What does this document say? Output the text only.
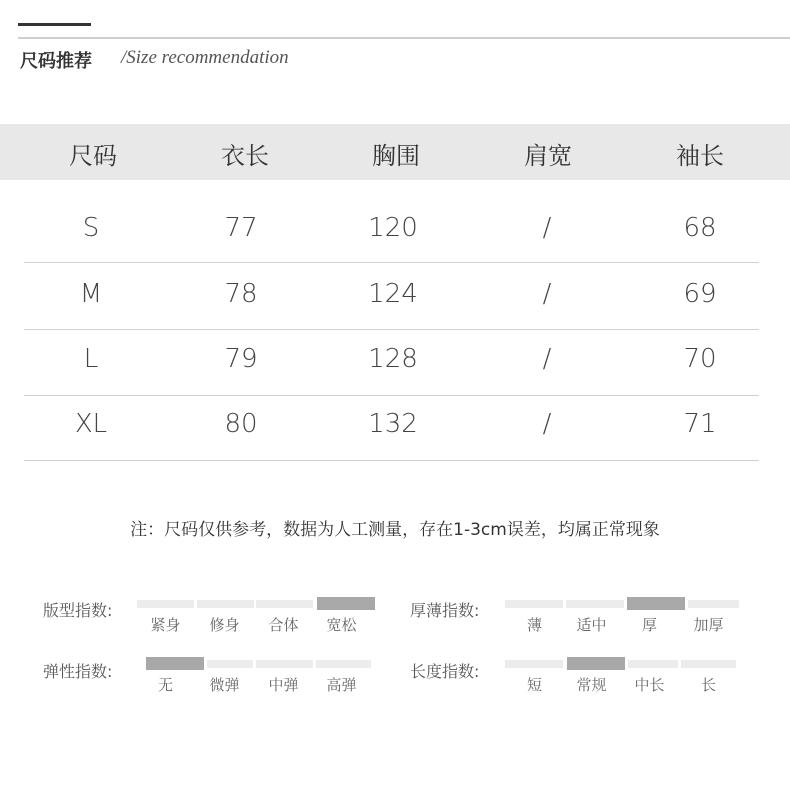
尺码推荐 /Size recommendation
尺码	衣长	胸围	肩宽	袖长
S	77	120	/	68
M	78	124	/	69
L	79	128	/	70
XL	80	132	/	71
注：尺码仅供参考，数据为人工测量，存在1-3cm误差，均属正常现象
版型指数:
紧身	修身	合体	宽松
厚薄指数:
薄	适中	厚	加厚
弹性指数:
无	微弹	中弹	高弹
长度指数:
短	常规	中长	长
